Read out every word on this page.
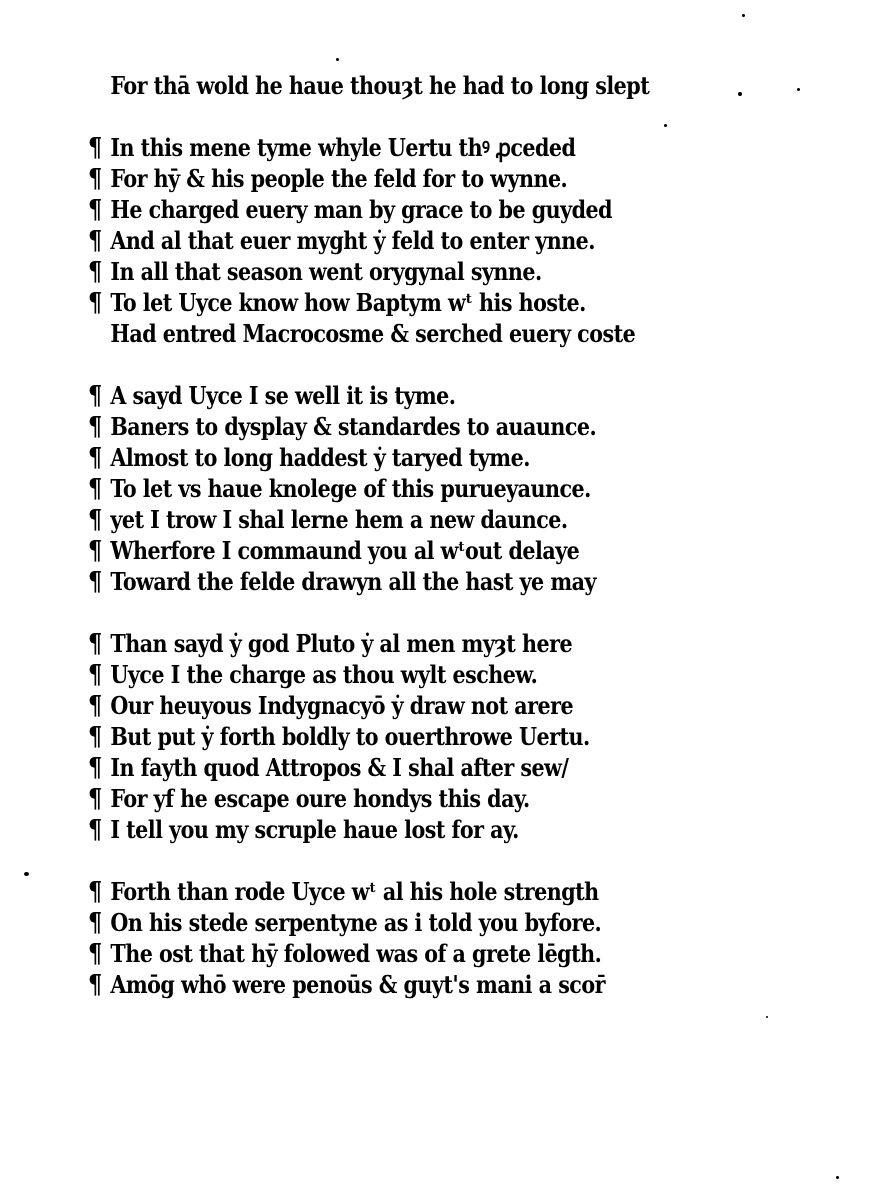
For thā wold he haue thouȝt he had to long slept
¶ In this mene tyme whyle Uertu thꝰ ꝓceded
¶ For hȳ & his people the feld for to wynne.
¶ He charged euery man by grace to be guyded
¶ And al that euer myght ẏ feld to enter ynne.
¶ In all that season went orygynal synne.
¶ To let Uyce know how Baptym wᵗ his hoste.
Had entred Macrocosme & serched euery coste
¶ A sayd Uyce I se well it is tyme.
¶ Baners to dysplay & standardes to auaunce.
¶ Almost to long haddest ẏ taryed tyme.
¶ To let vs haue knolege of this purueyaunce.
¶ yet I trow I shal lerne hem a new daunce.
¶ Wherfore I commaund you al wᵗout delaye
¶ Toward the felde drawyn all the hast ye may
¶ Than sayd ẏ god Pluto ẏ al men myȝt here
¶ Uyce I the charge as thou wylt eschew.
¶ Our heuyous Indygnacyō ẏ draw not arere
¶ But put ẏ forth boldly to ouerthrowe Uertu.
¶ In fayth quod Attropos & I shal after sew/
¶ For yf he escape oure hondys this day.
¶ I tell you my scruple haue lost for ay.
¶ Forth than rode Uyce wᵗ al his hole strength
¶ On his stede serpentyne as i told you byfore.
¶ The ost that hȳ folowed was of a grete lēgth.
¶ Amōg whō were penoūs & guyt's mani a scor̄
